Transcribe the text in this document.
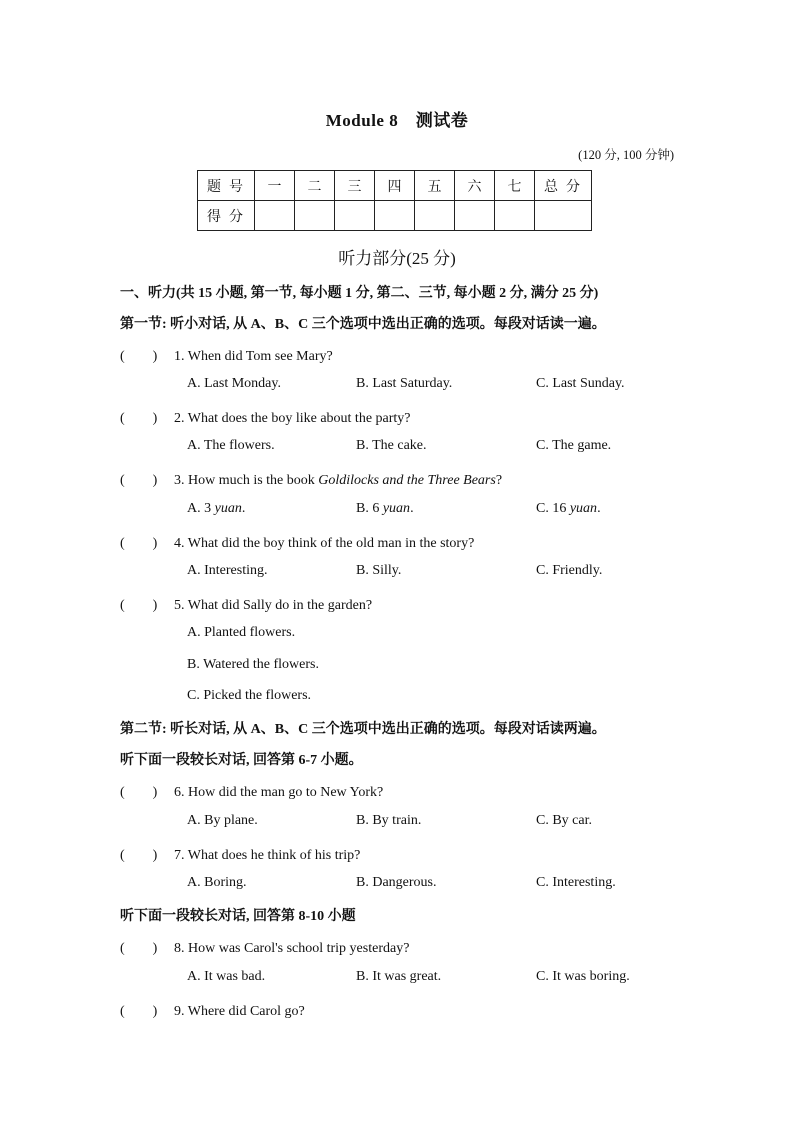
Module 8　测试卷
(120 分, 100 分钟)
题号	一	二	三	四	五	六	七	总分
得分								
听力部分(25 分)
一、听力(共 15 小题, 第一节, 每小题 1 分, 第二、三节, 每小题 2 分, 满分 25 分)
第一节: 听小对话, 从 A、B、C 三个选项中选出正确的选项。每段对话读一遍。
(　　) 1. When did Tom see Mary?
A. Last Monday.	B. Last Saturday.	C. Last Sunday.
(　　) 2. What does the boy like about the party?
A. The flowers.	B. The cake.	C. The game.
(　　) 3. How much is the book Goldilocks and the Three Bears?
A. 3 yuan.	B. 6 yuan.	C. 16 yuan.
(　　) 4. What did the boy think of the old man in the story?
A. Interesting.	B. Silly.	C. Friendly.
(　　) 5. What did Sally do in the garden?
A. Planted flowers.
B. Watered the flowers.
C. Picked the flowers.
第二节: 听长对话, 从 A、B、C 三个选项中选出正确的选项。每段对话读两遍。
听下面一段较长对话, 回答第 6-7 小题。
(　　) 6. How did the man go to New York?
A. By plane.	B. By train.	C. By car.
(　　) 7. What does he think of his trip?
A. Boring.	B. Dangerous.	C. Interesting.
听下面一段较长对话, 回答第 8-10 小题
(　　) 8. How was Carol's school trip yesterday?
A. It was bad.	B. It was great.	C. It was boring.
(　　) 9. Where did Carol go?
